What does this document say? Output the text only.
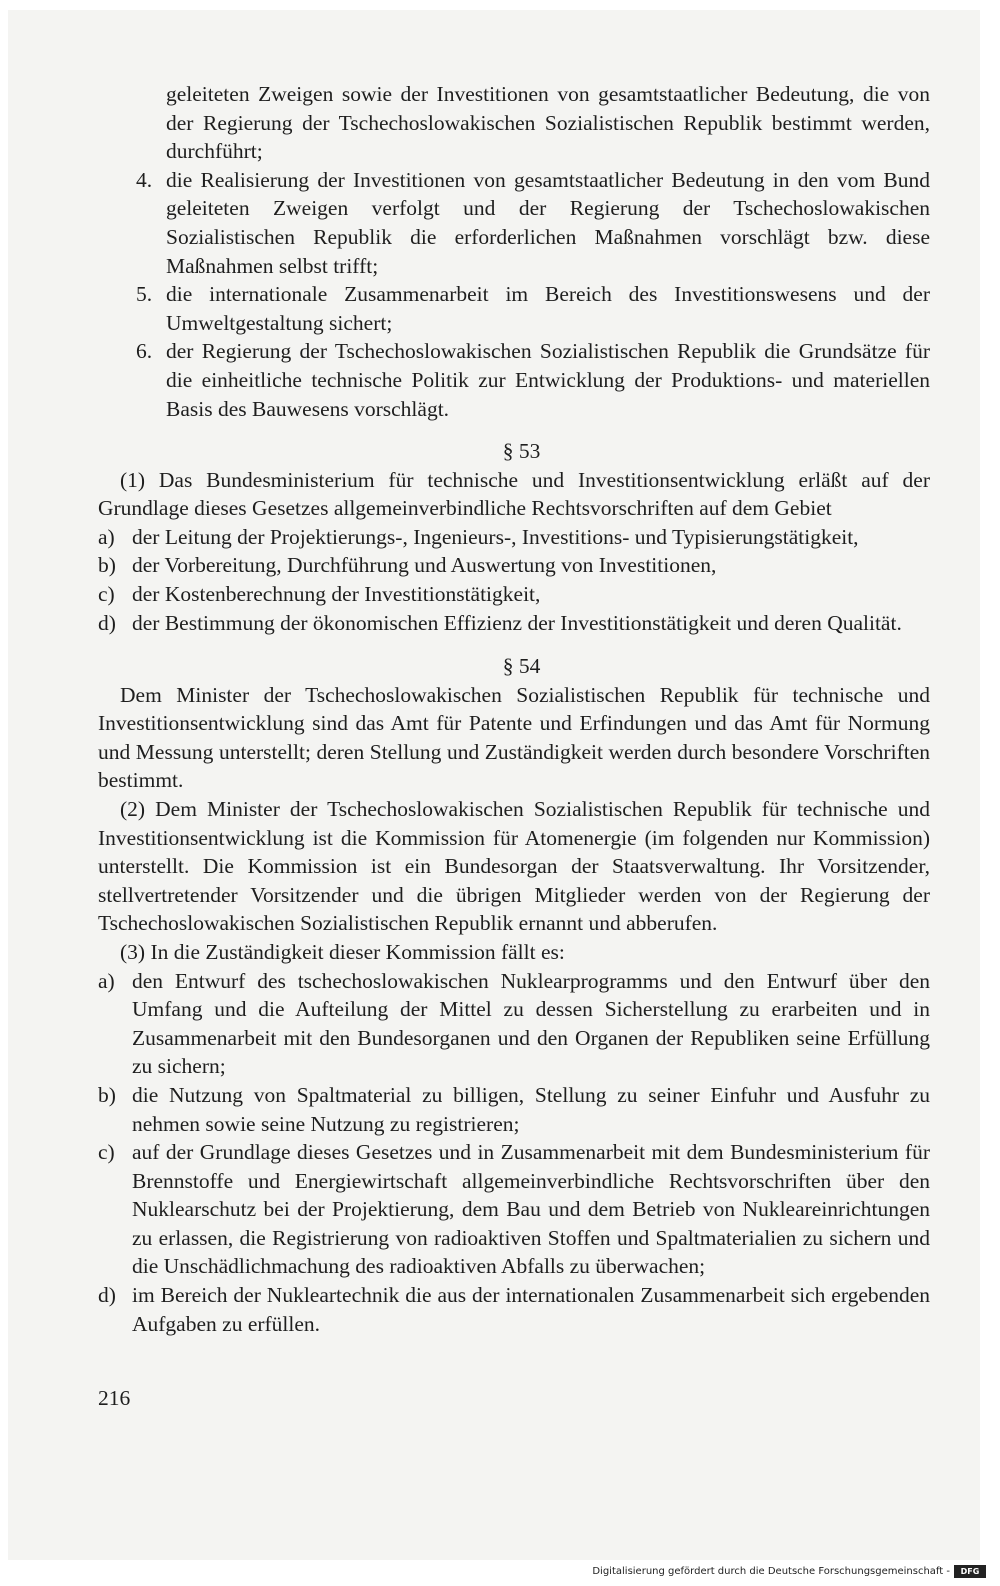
geleiteten Zweigen sowie der Investitionen von gesamtstaatlicher Bedeutung, die von der Regierung der Tschechoslowakischen Sozialistischen Republik bestimmt werden, durchführt;

4. die Realisierung der Investitionen von gesamtstaatlicher Bedeutung in den vom Bund geleiteten Zweigen verfolgt und der Regierung der Tschechoslowakischen Sozialistischen Republik die erforderlichen Maßnahmen vorschlägt bzw. diese Maßnahmen selbst trifft;
5. die internationale Zusammenarbeit im Bereich des Investitionswesens und der Umweltgestaltung sichert;
6. der Regierung der Tschechoslowakischen Sozialistischen Republik die Grundsätze für die einheitliche technische Politik zur Entwicklung der Produktions- und materiellen Basis des Bauwesens vorschlägt.

§ 53

(1) Das Bundesministerium für technische und Investitionsentwicklung erläßt auf der Grundlage dieses Gesetzes allgemeinverbindliche Rechtsvorschriften auf dem Gebiet

a) der Leitung der Projektierungs-, Ingenieurs-, Investitions- und Typisierungstätigkeit,
b) der Vorbereitung, Durchführung und Auswertung von Investitionen,
c) der Kostenberechnung der Investitionstätigkeit,
d) der Bestimmung der ökonomischen Effizienz der Investitionstätigkeit und deren Qualität.

§ 54

Dem Minister der Tschechoslowakischen Sozialistischen Republik für technische und Investitionsentwicklung sind das Amt für Patente und Erfindungen und das Amt für Normung und Messung unterstellt; deren Stellung und Zuständigkeit werden durch besondere Vorschriften bestimmt.

(2) Dem Minister der Tschechoslowakischen Sozialistischen Republik für technische und Investitionsentwicklung ist die Kommission für Atomenergie (im folgenden nur Kommission) unterstellt. Die Kommission ist ein Bundesorgan der Staatsverwaltung. Ihr Vorsitzender, stellvertretender Vorsitzender und die übrigen Mitglieder werden von der Regierung der Tschechoslowakischen Sozialistischen Republik ernannt und abberufen.

(3) In die Zuständigkeit dieser Kommission fällt es:

a) den Entwurf des tschechoslowakischen Nuklearprogramms und den Entwurf über den Umfang und die Aufteilung der Mittel zu dessen Sicherstellung zu erarbeiten und in Zusammenarbeit mit den Bundesorganen und den Organen der Republiken seine Erfüllung zu sichern;
b) die Nutzung von Spaltmaterial zu billigen, Stellung zu seiner Einfuhr und Ausfuhr zu nehmen sowie seine Nutzung zu registrieren;
c) auf der Grundlage dieses Gesetzes und in Zusammenarbeit mit dem Bundesministerium für Brennstoffe und Energiewirtschaft allgemeinverbindliche Rechtsvorschriften über den Nuklearschutz bei der Projektierung, dem Bau und dem Betrieb von Nukleareinrichtungen zu erlassen, die Registrierung von radioaktiven Stoffen und Spaltmaterialien zu sichern und die Unschädlichmachung des radioaktiven Abfalls zu überwachen;
d) im Bereich der Nukleartechnik die aus der internationalen Zusammenarbeit sich ergebenden Aufgaben zu erfüllen.
216
Digitalisierung gefördert durch die Deutsche Forschungsgemeinschaft -	DFG
